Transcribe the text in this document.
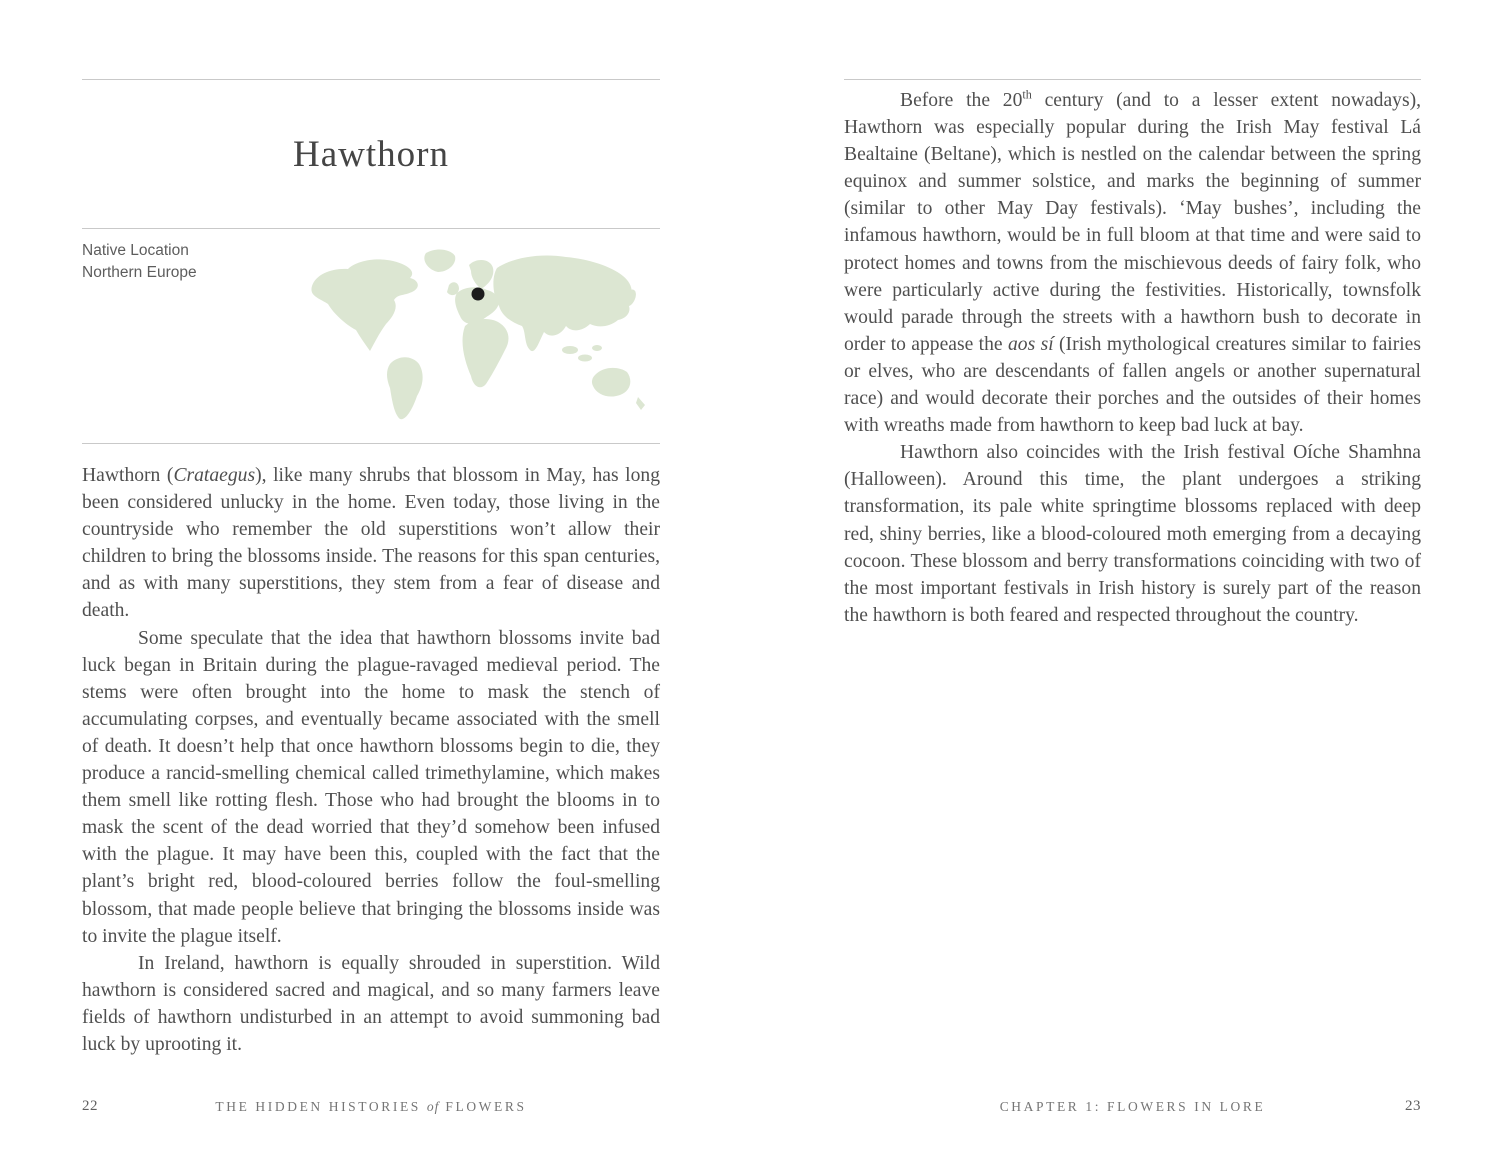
Hawthorn
Native Location
Northern Europe

Hawthorn (Crataegus), like many shrubs that blossom in May, has long been considered unlucky in the home. Even today, those living in the countryside who remember the old superstitions won’t allow their children to bring the blossoms inside. The reasons for this span centuries, and as with many superstitions, they stem from a fear of disease and death.

Some speculate that the idea that hawthorn blossoms invite bad luck began in Britain during the plague-ravaged medieval period. The stems were often brought into the home to mask the stench of accumulating corpses, and eventually became associated with the smell of death. It doesn’t help that once hawthorn blossoms begin to die, they produce a rancid-smelling chemical called trimethylamine, which makes them smell like rotting flesh. Those who had brought the blooms in to mask the scent of the dead worried that they’d somehow been infused with the plague. It may have been this, coupled with the fact that the plant’s bright red, blood-coloured berries follow the foul-smelling blossom, that made people believe that bringing the blossoms inside was to invite the plague itself.

In Ireland, hawthorn is equally shrouded in superstition. Wild hawthorn is considered sacred and magical, and so many farmers leave fields of hawthorn undisturbed in an attempt to avoid summoning bad luck by uprooting it.

22	THE HIDDEN HISTORIES of FLOWERS

Before the 20th century (and to a lesser extent nowadays), Hawthorn was especially popular during the Irish May festival Lá Bealtaine (Beltane), which is nestled on the calendar between the spring equinox and summer solstice, and marks the beginning of summer (similar to other May Day festivals). ‘May bushes’, including the infamous hawthorn, would be in full bloom at that time and were said to protect homes and towns from the mischievous deeds of fairy folk, who were particularly active during the festivities. Historically, townsfolk would parade through the streets with a hawthorn bush to decorate in order to appease the aos sí (Irish mythological creatures similar to fairies or elves, who are descendants of fallen angels or another supernatural race) and would decorate their porches and the outsides of their homes with wreaths made from hawthorn to keep bad luck at bay.

Hawthorn also coincides with the Irish festival Oíche Shamhna (Halloween). Around this time, the plant undergoes a striking transformation, its pale white springtime blossoms replaced with deep red, shiny berries, like a blood-coloured moth emerging from a decaying cocoon. These blossom and berry transformations coinciding with two of the most important festivals in Irish history is surely part of the reason the hawthorn is both feared and respected throughout the country.

CHAPTER 1: FLOWERS IN LORE	23
